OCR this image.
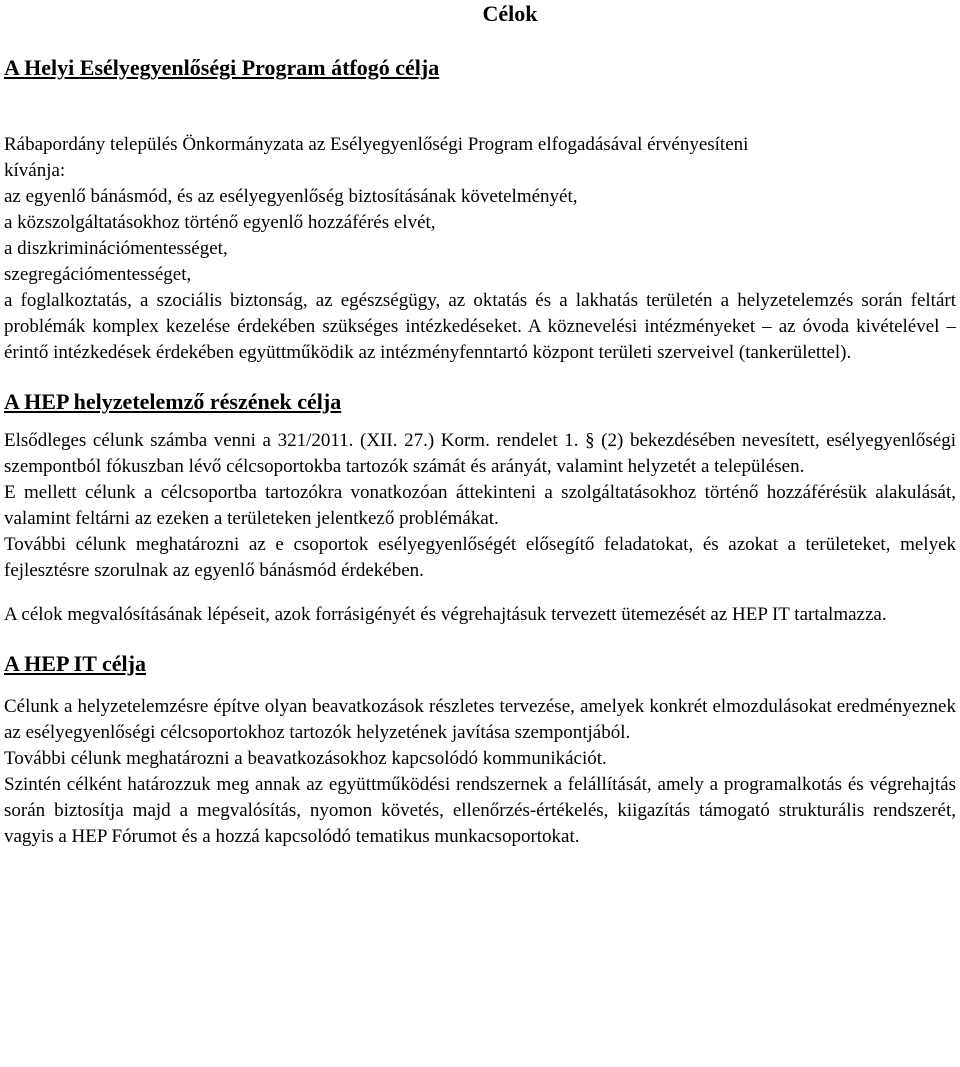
Célok
A Helyi Esélyegyenlőségi Program átfogó célja

Rábapordány település Önkormányzata az Esélyegyenlőségi Program elfogadásával érvényesíteni

kívánja:

az egyenlő bánásmód, és az esélyegyenlőség biztosításának követelményét,

a közszolgáltatásokhoz történő egyenlő hozzáférés elvét,

a diszkriminációmentességet,

szegregációmentességet,

a foglalkoztatás, a szociális biztonság, az egészségügy, az oktatás és a lakhatás területén a helyzetelemzés során feltárt problémák komplex kezelése érdekében szükséges intézkedéseket. A köznevelési intézményeket – az óvoda kivételével – érintő intézkedések érdekében együttműködik az intézményfenntartó központ területi szerveivel (tankerülettel).

A HEP helyzetelemző részének célja

Elsődleges célunk számba venni a 321/2011. (XII. 27.) Korm. rendelet 1. § (2) bekezdésében nevesített, esélyegyenlőségi szempontból fókuszban lévő célcsoportokba tartozók számát és arányát, valamint helyzetét a településen.

E mellett célunk a célcsoportba tartozókra vonatkozóan áttekinteni a szolgáltatásokhoz történő hozzáférésük alakulását, valamint feltárni az ezeken a területeken jelentkező problémákat.

További célunk meghatározni az e csoportok esélyegyenlőségét elősegítő feladatokat, és azokat a területeket, melyek fejlesztésre szorulnak az egyenlő bánásmód érdekében.

A célok megvalósításának lépéseit, azok forrásigényét és végrehajtásuk tervezett ütemezését az HEP IT tartalmazza.

A HEP IT célja

Célunk a helyzetelemzésre építve olyan beavatkozások részletes tervezése, amelyek konkrét elmozdulásokat eredményeznek az esélyegyenlőségi célcsoportokhoz tartozók helyzetének javítása szempontjából.

További célunk meghatározni a beavatkozásokhoz kapcsolódó kommunikációt.

Szintén célként határozzuk meg annak az együttműködési rendszernek a felállítását, amely a programalkotás és végrehajtás során biztosítja majd a megvalósítás, nyomon követés, ellenőrzés-értékelés, kiigazítás támogató strukturális rendszerét, vagyis a HEP Fórumot és a hozzá kapcsolódó tematikus munkacsoportokat.
